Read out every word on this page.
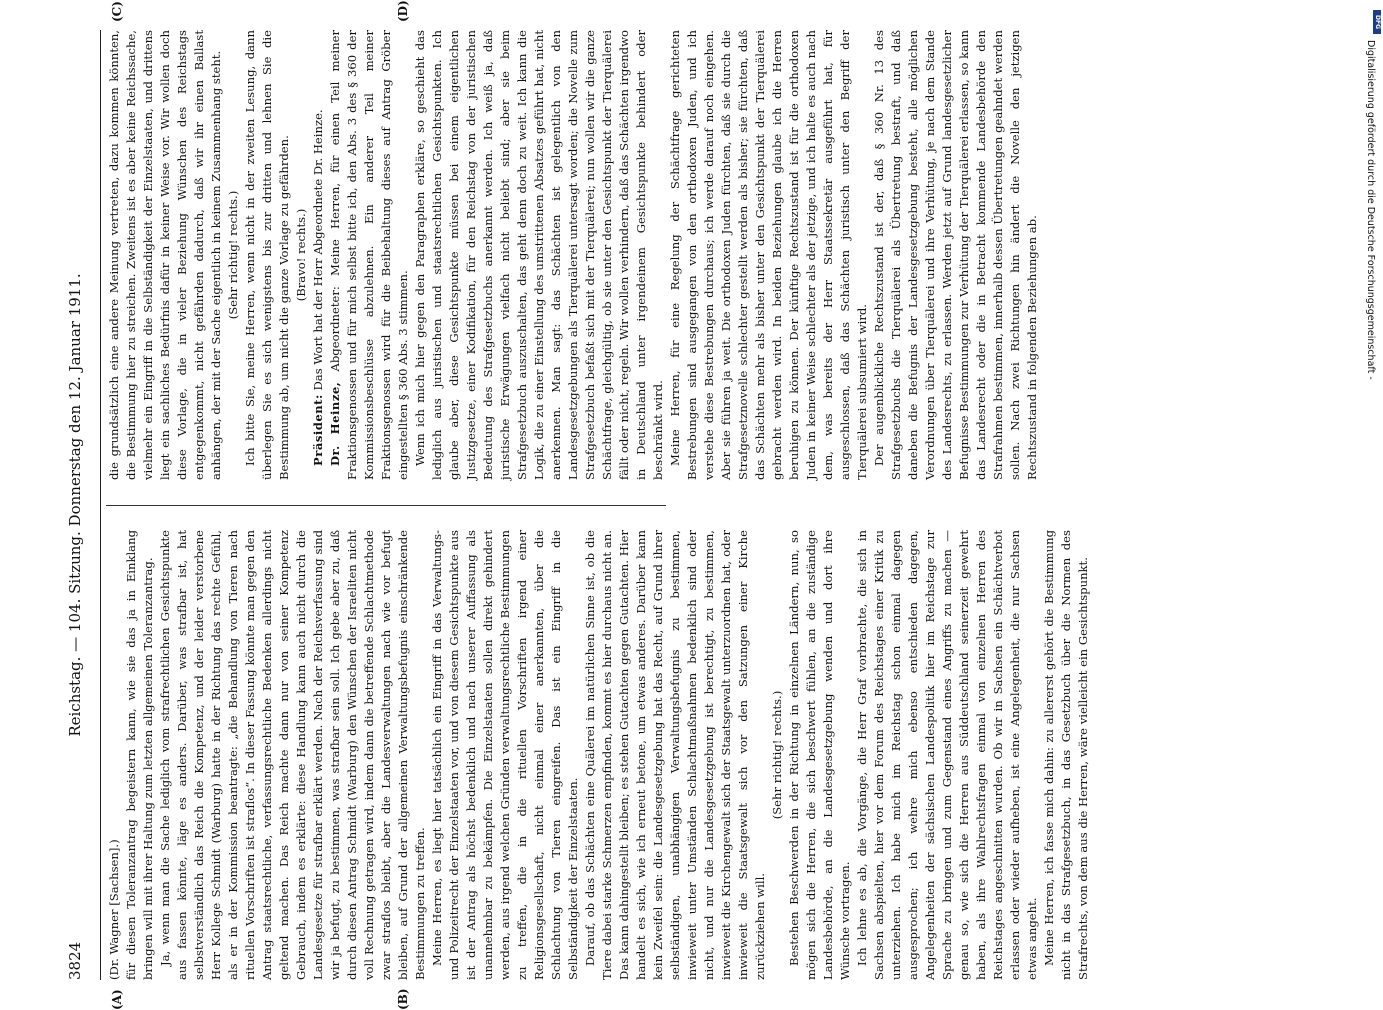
3824
Reichstag. — 104. Sitzung. Donnerstag den 12. Januar 1911.

(Dr. Wagner [Sachsen].) für diesen Toleranzantrag begeistern kann, wie sie das ja in Einklang bringen will mit ihrer Haltung zum letzten allgemeinen Toleranzantrag. Ja, wenn man die Sache lediglich vom strafrechtlichen Gesichtspunkte aus fassen könnte, läge es anders. Darüber, was strafbar ist, hat selbstverständlich das Reich die Kompetenz, und der leider verstorbene Herr Kollege Schmidt (Warburg) hatte in der Richtung das rechte Gefühl, als er in der Kommission beantragte: „die Behandlung von Tieren nach rituellen Vorschriften ist straflos“. In dieser Fassung könnte man gegen den Antrag staatsrechtliche, verfassungsrechtliche Bedenken allerdings nicht geltend machen. Das Reich machte dann nur von seiner Kompetenz Gebrauch, indem es erklärte: diese Handlung kann auch nicht durch die Landesgesetze für strafbar erklärt werden. Nach der Reichsverfassung sind wir ja befugt, zu bestimmen, was strafbar sein soll. Ich gebe aber zu, daß durch diesen Antrag Schmidt (Warburg) den Wünschen der Israeliten nicht voll Rechnung getragen wird, indem dann die betreffende Schlachtmethode zwar straflos bleibt, aber die Landesverwaltungen nach wie vor befugt bleiben, auf Grund der allgemeinen Verwaltungsbefugnis einschränkende Bestimmungen zu treffen. Meine Herren, es liegt hier tatsächlich ein Eingriff in das Verwaltungs- und Polizeitrecht der Einzelstaaten vor, und von diesem Gesichtspunkte aus ist der Antrag als höchst bedenklich und nach unserer Auffassung als unannehmbar zu bekämpfen. Die Einzelstaaten sollen direkt gehindert werden, aus irgend welchen Gründen verwaltungsrechtliche Bestimmungen zu treffen, die in die rituellen Vorschriften irgend einer Religionsgesellschaft, nicht einmal einer anerkannten, über die Schlachtung von Tieren eingreifen. Das ist ein Eingriff in die Selbständigkeit der Einzelstaaten. Darauf, ob das Schächten eine Quälerei im natürlichen Sinne ist, ob die Tiere dabei starke Schmerzen empfinden, kommt es hier durchaus nicht an. Das kann dahingestellt bleiben; es stehen Gutachten gegen Gutachten. Hier handelt es sich, wie ich erneut betone, um etwas anderes. Darüber kann kein Zweifel sein: die Landesgesetzgebung hat das Recht, auf Grund ihrer selbständigen, unabhängigen Verwaltungsbefugnis zu bestimmen, inwieweit unter Umständen Schlachtmaßnahmen bedenklich sind oder nicht, und nur die Landesgesetzgebung ist berechtigt, zu bestimmen, inwieweit die Kirchengewalt sich der Staatsgewalt unterzuordnen hat, oder inwieweit die Staatsgewalt sich vor den Satzungen einer Kirche zurückziehen will.

(Sehr richtig! rechts.) Bestehen Beschwerden in der Richtung in einzelnen Ländern, nun, so mögen sich die Herren, die sich beschwert fühlen, an die zuständige Landesbehörde, an die Landesgesetzgebung wenden und dort ihre Wünsche vortragen. Ich lehne es ab, die Vorgänge, die Herr Graf vorbrachte, die sich in Sachsen abspielten, hier vor dem Forum des Reichstages einer Kritik zu unterziehen. Ich habe mich im Reichstag schon einmal dagegen ausgesprochen; ich wehre mich ebenso entschieden dagegen, Angelegenheiten der sächsischen Landespolitik hier im Reichstage zur Sprache zu bringen und zum Gegenstand eines Angriffs zu machen — genau so, wie sich die Herren aus Süddeutschland seinerzeit gewehrt haben, als ihre Wahlrechtsfragen einmal von einzelnen Herren des Reichstages angeschnitten wurden. Ob wir in Sachsen ein Schächtverbot erlassen oder wieder aufheben, ist eine Angelegenheit, die nur Sachsen etwas angeht. Meine Herren, ich fasse mich dahin: zu allererst gehört die Bestimmung nicht in das Strafgesetzbuch, in das Gesetzbuch über die Normen des Strafrechts, von dem aus die Herren, wäre vielleicht ein Gesichtspunkt.

die grundsätzlich eine andere Meinung vertreten, dazu kommen könnten, die Bestimmung hier zu streichen. Zweitens ist es aber keine Reichssache, vielmehr ein Eingriff in die Selbständigkeit der Einzelstaaten, und drittens liegt ein sachliches Bedürfnis dafür in keiner Weise vor. Wir wollen doch diese Vorlage, die in vieler Beziehung Wünschen des Reichstags entgegenkommt, nicht gefährden dadurch, daß wir ihr einen Ballast anhängen, der mit der Sache eigentlich in keinem Zusammenhang steht. (Sehr richtig! rechts.) Ich bitte Sie, meine Herren, wenn nicht in der zweiten Lesung, dann überlegen Sie es sich wenigstens bis zur dritten und lehnen Sie die Bestimmung ab, um nicht die ganze Vorlage zu gefährden. (Bravo! rechts.)

Präsident: Das Wort hat der Herr Abgeordnete Dr. Heinze.

Dr. Heinze, Abgeordneter: Meine Herren, für einen Teil meiner Fraktionsgenossen und für mich selbst bitte ich, den Abs. 3 des § 360 der Kommissionsbeschlüsse abzulehnen. Ein anderer Teil meiner Fraktionsgenossen wird für die Beibehaltung dieses auf Antrag Gröber eingestellten § 360 Abs. 3 stimmen. Wenn ich mich hier gegen den Paragraphen erkläre, so geschieht das lediglich aus juristischen und staatsrechtlichen Gesichtspunkten. Ich glaube aber, diese Gesichtspunkte müssen bei einem eigentlichen Justizgesetze, einer Kodifikation, für den Reichstag von der juristischen Bedeutung des Strafgesetzbuchs anerkannt werden. Ich weiß ja, daß juristische Erwägungen vielfach nicht beliebt sind; aber sie beim Strafgesetzbuch auszuschalten, das geht denn doch zu weit. Ich kann die Logik, die zu einer Einstellung des umstrittenen Absatzes geführt hat, nicht anerkennen. Man sagt: das Schächten ist gelegentlich von den Landesgesetzgebungen als Tierquälerei untersagt worden; die Novelle zum Strafgesetzbuch befaßt sich mit der Tierquälerei; nun wollen wir die ganze Schächtfrage, gleichgültig, ob sie unter den Gesichtspunkt der Tierquälerei fällt oder nicht, regeln. Wir wollen verhindern, daß das Schächten irgendwo in Deutschland unter irgendeinem Gesichtspunkte behindert oder beschränkt wird. Meine Herren, für eine Regelung der Schächtfrage gerichteten Bestrebungen sind ausgegangen von den orthodoxen Juden, und ich verstehe diese Bestrebungen durchaus; ich werde darauf noch eingehen. Aber sie führen ja weit. Die orthodoxen Juden fürchten, daß sie durch die Strafgesetznovelle schlechter gestellt werden als bisher; sie fürchten, daß das Schächten mehr als bisher unter den Gesichtspunkt der Tierquälerei gebracht werden wird. In beiden Beziehungen glaube ich die Herren beruhigen zu können. Der künftige Rechtszustand ist für die orthodoxen Juden in keiner Weise schlechter als der jetzige, und ich halte es auch nach dem, was bereits der Herr Staatssekretär ausgeführt hat, für ausgeschlossen, daß das Schächten juristisch unter den Begriff der Tierquälerei subsumiert wird. Der augenblickliche Rechtszustand ist der, daß § 360 Nr. 13 des Strafgesetzbuchs die Tierquälerei als Übertretung bestraft, und daß daneben die Befugnis der Landesgesetzgebung besteht, alle möglichen Verordnungen über Tierquälerei und ihre Verhütung, je nach dem Stande des Landesrechts, zu erlassen. Werden jetzt auf Grund landesgesetzlicher Befugnisse Bestimmungen zur Verhütung der Tierquälerei erlassen, so kann das Landesrecht oder die in Betracht kommende Landesbehörde den Strafrahmen bestimmen, innerhalb dessen Übertretungen geahndet werden sollen. Nach zwei Richtungen hin ändert die Novelle den jetzigen Rechtszustand in folgenden Beziehungen ab.

(A)	(B)
(C)	(D)	DFG
Digitalisierung gefördert durch die Deutsche Forschungsgemeinschaft -
